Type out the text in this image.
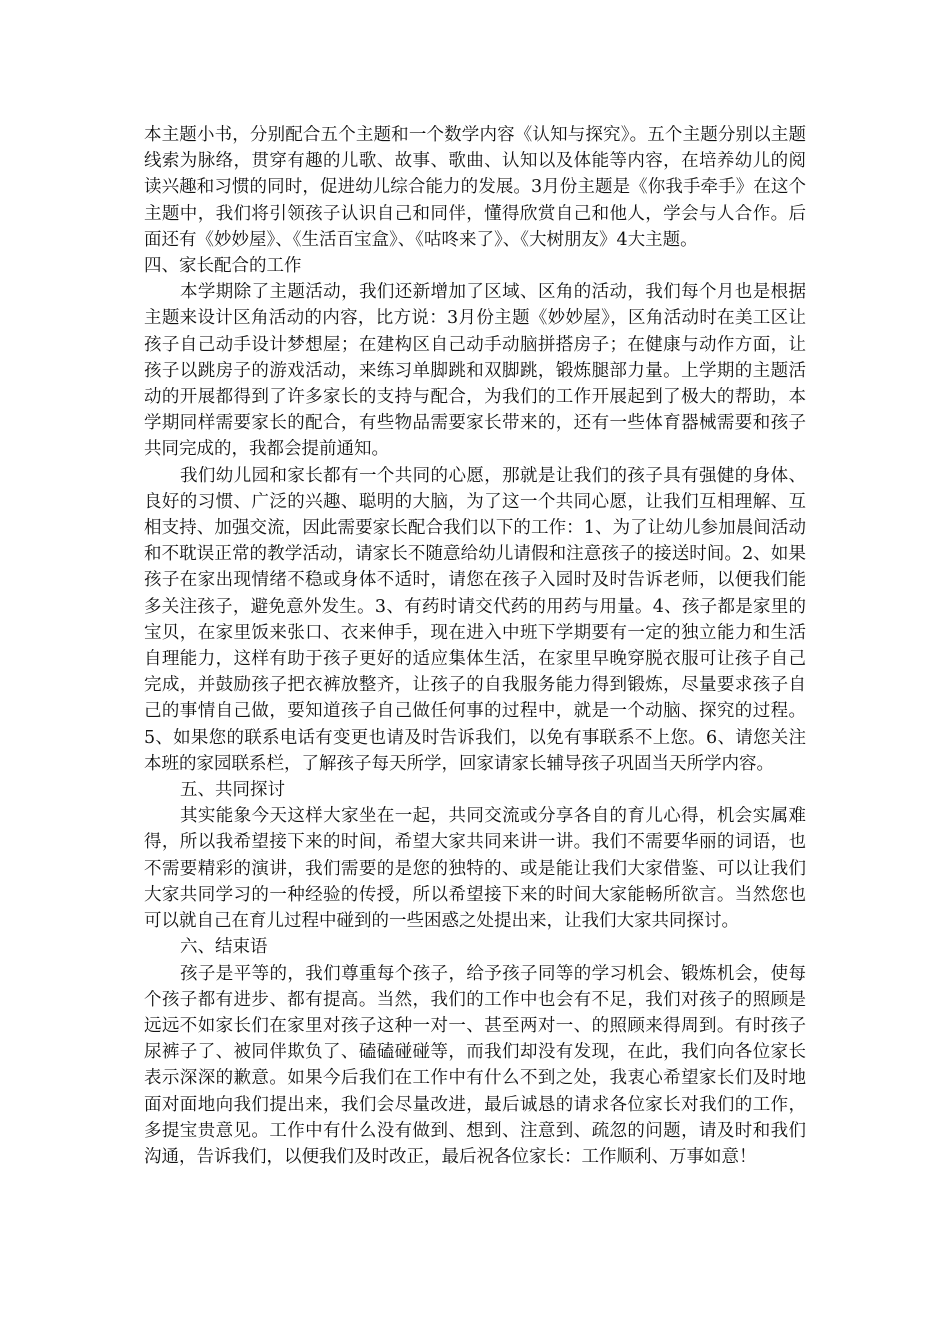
本主题小书，分别配合五个主题和一个数学内容《认知与探究》。五个主题分别以主题线索为脉络，贯穿有趣的儿歌、故事、歌曲、认知以及体能等内容，在培养幼儿的阅读兴趣和习惯的同时，促进幼儿综合能力的发展。3月份主题是《你我手牵手》在这个主题中，我们将引领孩子认识自己和同伴，懂得欣赏自己和他人，学会与人合作。后面还有《妙妙屋》、《生活百宝盒》、《咕咚来了》、《大树朋友》4大主题。

四、家长配合的工作

本学期除了主题活动，我们还新增加了区域、区角的活动，我们每个月也是根据主题来设计区角活动的内容，比方说：3月份主题《妙妙屋》，区角活动时在美工区让孩子自己动手设计梦想屋；在建构区自己动手动脑拼搭房子；在健康与动作方面，让孩子以跳房子的游戏活动，来练习单脚跳和双脚跳，锻炼腿部力量。上学期的主题活动的开展都得到了许多家长的支持与配合，为我们的工作开展起到了极大的帮助，本学期同样需要家长的配合，有些物品需要家长带来的，还有一些体育器械需要和孩子共同完成的，我都会提前通知。

我们幼儿园和家长都有一个共同的心愿，那就是让我们的孩子具有强健的身体、良好的习惯、广泛的兴趣、聪明的大脑，为了这一个共同心愿，让我们互相理解、互相支持、加强交流，因此需要家长配合我们以下的工作：1、为了让幼儿参加晨间活动和不耽误正常的教学活动，请家长不随意给幼儿请假和注意孩子的接送时间。2、如果孩子在家出现情绪不稳或身体不适时，请您在孩子入园时及时告诉老师，以便我们能多关注孩子，避免意外发生。3、有药时请交代药的用药与用量。4、孩子都是家里的宝贝，在家里饭来张口、衣来伸手，现在进入中班下学期要有一定的独立能力和生活自理能力，这样有助于孩子更好的适应集体生活，在家里早晚穿脱衣服可让孩子自己完成，并鼓励孩子把衣裤放整齐，让孩子的自我服务能力得到锻炼，尽量要求孩子自己的事情自己做，要知道孩子自己做任何事的过程中，就是一个动脑、探究的过程。5、如果您的联系电话有变更也请及时告诉我们，以免有事联系不上您。6、请您关注本班的家园联系栏，了解孩子每天所学，回家请家长辅导孩子巩固当天所学内容。

五、共同探讨

其实能象今天这样大家坐在一起，共同交流或分享各自的育儿心得，机会实属难得，所以我希望接下来的时间，希望大家共同来讲一讲。我们不需要华丽的词语，也不需要精彩的演讲，我们需要的是您的独特的、或是能让我们大家借鉴、可以让我们大家共同学习的一种经验的传授，所以希望接下来的时间大家能畅所欲言。当然您也可以就自己在育儿过程中碰到的一些困惑之处提出来，让我们大家共同探讨。

六、结束语

孩子是平等的，我们尊重每个孩子，给予孩子同等的学习机会、锻炼机会，使每个孩子都有进步、都有提高。当然，我们的工作中也会有不足，我们对孩子的照顾是远远不如家长们在家里对孩子这种一对一、甚至两对一、的照顾来得周到。有时孩子尿裤子了、被同伴欺负了、磕磕碰碰等，而我们却没有发现，在此，我们向各位家长表示深深的歉意。如果今后我们在工作中有什么不到之处，我衷心希望家长们及时地面对面地向我们提出来，我们会尽量改进，最后诚恳的请求各位家长对我们的工作，多提宝贵意见。工作中有什么没有做到、想到、注意到、疏忽的问题，请及时和我们沟通，告诉我们，以便我们及时改正，最后祝各位家长：工作顺利、万事如意！
